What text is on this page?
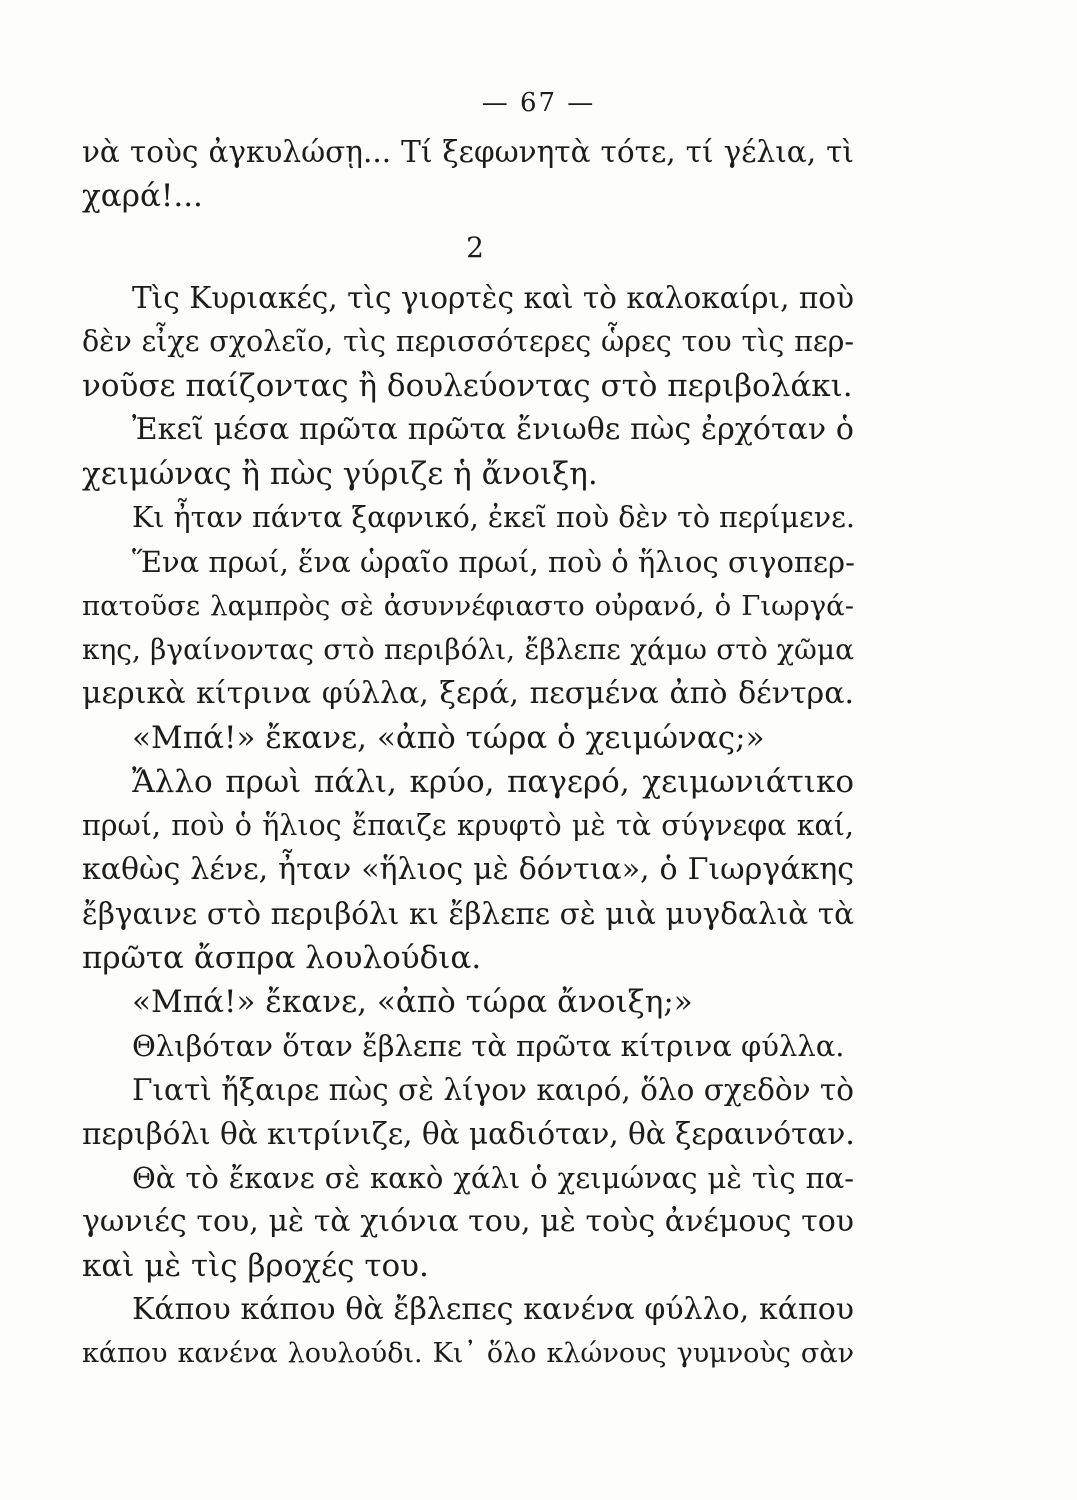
— 67 —
νὰ τοὺς ἀγκυλώσῃ... Τί ξεφωνητὰ τότε, τί γέλια, τὶ
χαρά!...
2
Τὶς Κυριακές, τὶς γιορτὲς καὶ τὸ καλοκαίρι, ποὺ
δὲν εἶχε σχολεῖο, τὶς περισσότερες ὧρες του τὶς περ-
νοῦσε παίζοντας ἢ δουλεύοντας στὸ περιβολάκι.
Ἐκεῖ μέσα πρῶτα πρῶτα ἔνιωθε πὼς ἐρχόταν ὁ
χειμώνας ἢ πὼς γύριζε ἡ ἄνοιξη.
Κι ἦταν πάντα ξαφνικό, ἐκεῖ ποὺ δὲν τὸ περίμενε.
Ἕνα πρωί, ἕνα ὡραῖο πρωί, ποὺ ὁ ἥλιος σιγοπερ-
πατοῦσε λαμπρὸς σὲ ἀσυννέφιαστο οὐρανό, ὁ Γιωργά-
κης, βγαίνοντας στὸ περιβόλι, ἔβλεπε χάμω στὸ χῶμα
μερικὰ κίτρινα φύλλα, ξερά, πεσμένα ἀπὸ δέντρα.
«Μπά!» ἔκανε, «ἀπὸ τώρα ὁ χειμώνας;»
Ἄλλο πρωὶ πάλι, κρύο, παγερό, χειμωνιάτικο
πρωί, ποὺ ὁ ἥλιος ἔπαιζε κρυφτὸ μὲ τὰ σύγνεφα καί,
καθὼς λένε, ἦταν «ἥλιος μὲ δόντια», ὁ Γιωργάκης
ἔβγαινε στὸ περιβόλι κι ἔβλεπε σὲ μιὰ μυγδαλιὰ τὰ
πρῶτα ἄσπρα λουλούδια.
«Μπά!» ἔκανε, «ἀπὸ τώρα ἄνοιξη;»
Θλιβόταν ὅταν ἔβλεπε τὰ πρῶτα κίτρινα φύλλα.
Γιατὶ ἤξαιρε πὼς σὲ λίγον καιρό, ὅλο σχεδὸν τὸ
περιβόλι θὰ κιτρίνιζε, θὰ μαδιόταν, θὰ ξεραινόταν.
Θὰ τὸ ἔκανε σὲ κακὸ χάλι ὁ χειμώνας μὲ τὶς πα-
γωνιές του, μὲ τὰ χιόνια του, μὲ τοὺς ἀνέμους του
καὶ μὲ τὶς βροχές του.
Κάπου κάπου θὰ ἔβλεπες κανένα φύλλο, κάπου
κάπου κανένα λουλούδι. Κι᾽ ὅλο κλώνους γυμνοὺς σὰν
